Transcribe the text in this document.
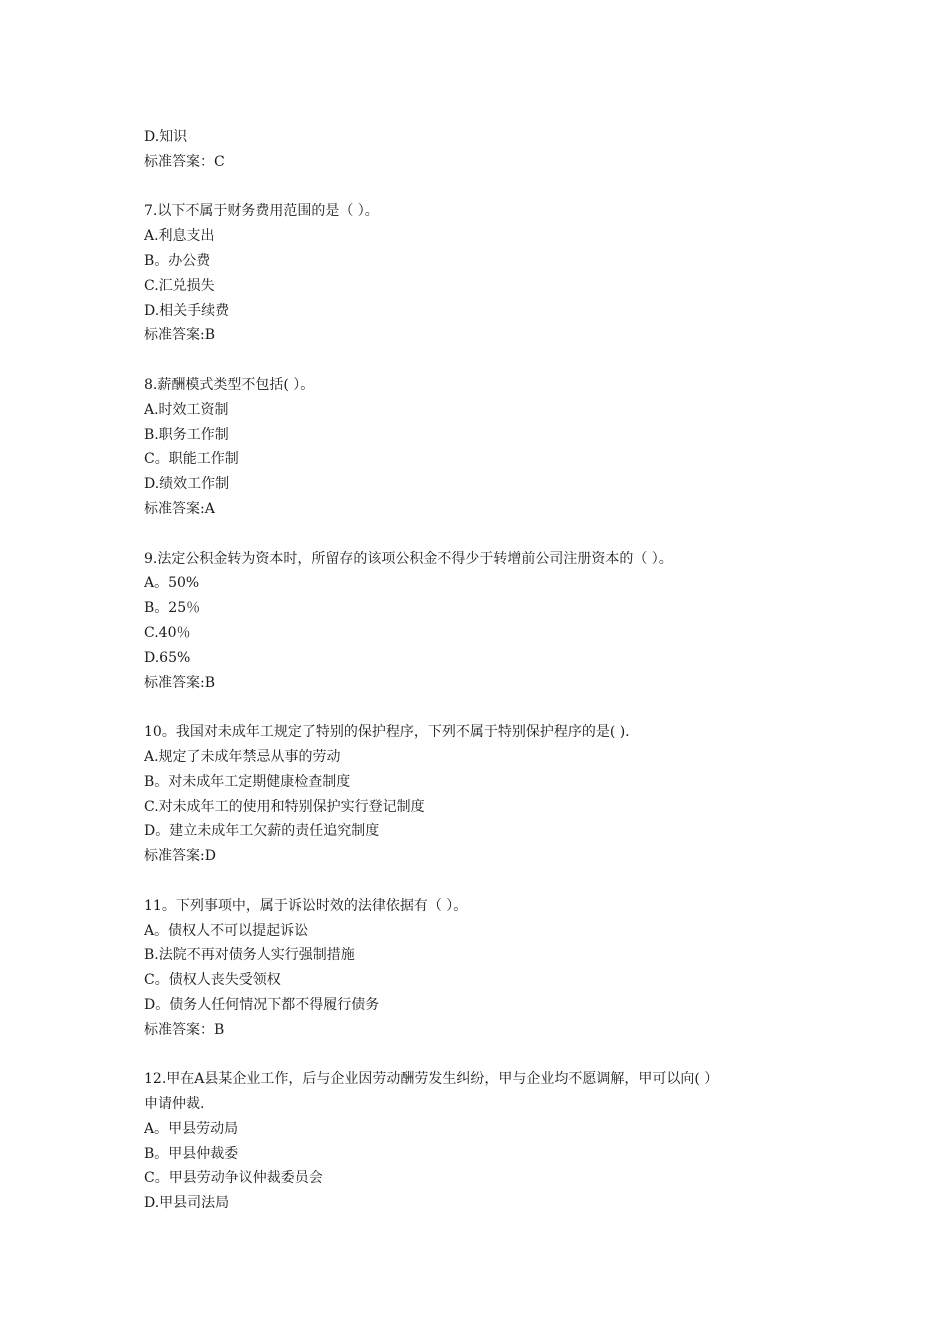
D.知识
标准答案：C
7.以下不属于财务费用范围的是（ ）。
A.利息支出
B。办公费
C.汇兑损失
D.相关手续费
标准答案:B
8.薪酬模式类型不包括( ）。
A.时效工资制
B.职务工作制
C。职能工作制
D.绩效工作制
标准答案:A
9.法定公积金转为资本时，所留存的该项公积金不得少于转增前公司注册资本的（ ）。
A。50%
B。25％
C.40％
D.65%
标准答案:B
10。我国对未成年工规定了特别的保护程序，下列不属于特别保护程序的是( ).
A.规定了未成年禁忌从事的劳动
B。对未成年工定期健康检查制度
C.对未成年工的使用和特别保护实行登记制度
D。建立未成年工欠薪的责任追究制度
标准答案:D
11。下列事项中，属于诉讼时效的法律依据有（ ）。
A。债权人不可以提起诉讼
B.法院不再对债务人实行强制措施
C。债权人丧失受领权
D。债务人任何情况下都不得履行债务
标准答案：B
12.甲在A县某企业工作，后与企业因劳动酬劳发生纠纷，甲与企业均不愿调解，甲可以向( ）
申请仲裁.
A。甲县劳动局
B。甲县仲裁委
C。甲县劳动争议仲裁委员会
D.甲县司法局
